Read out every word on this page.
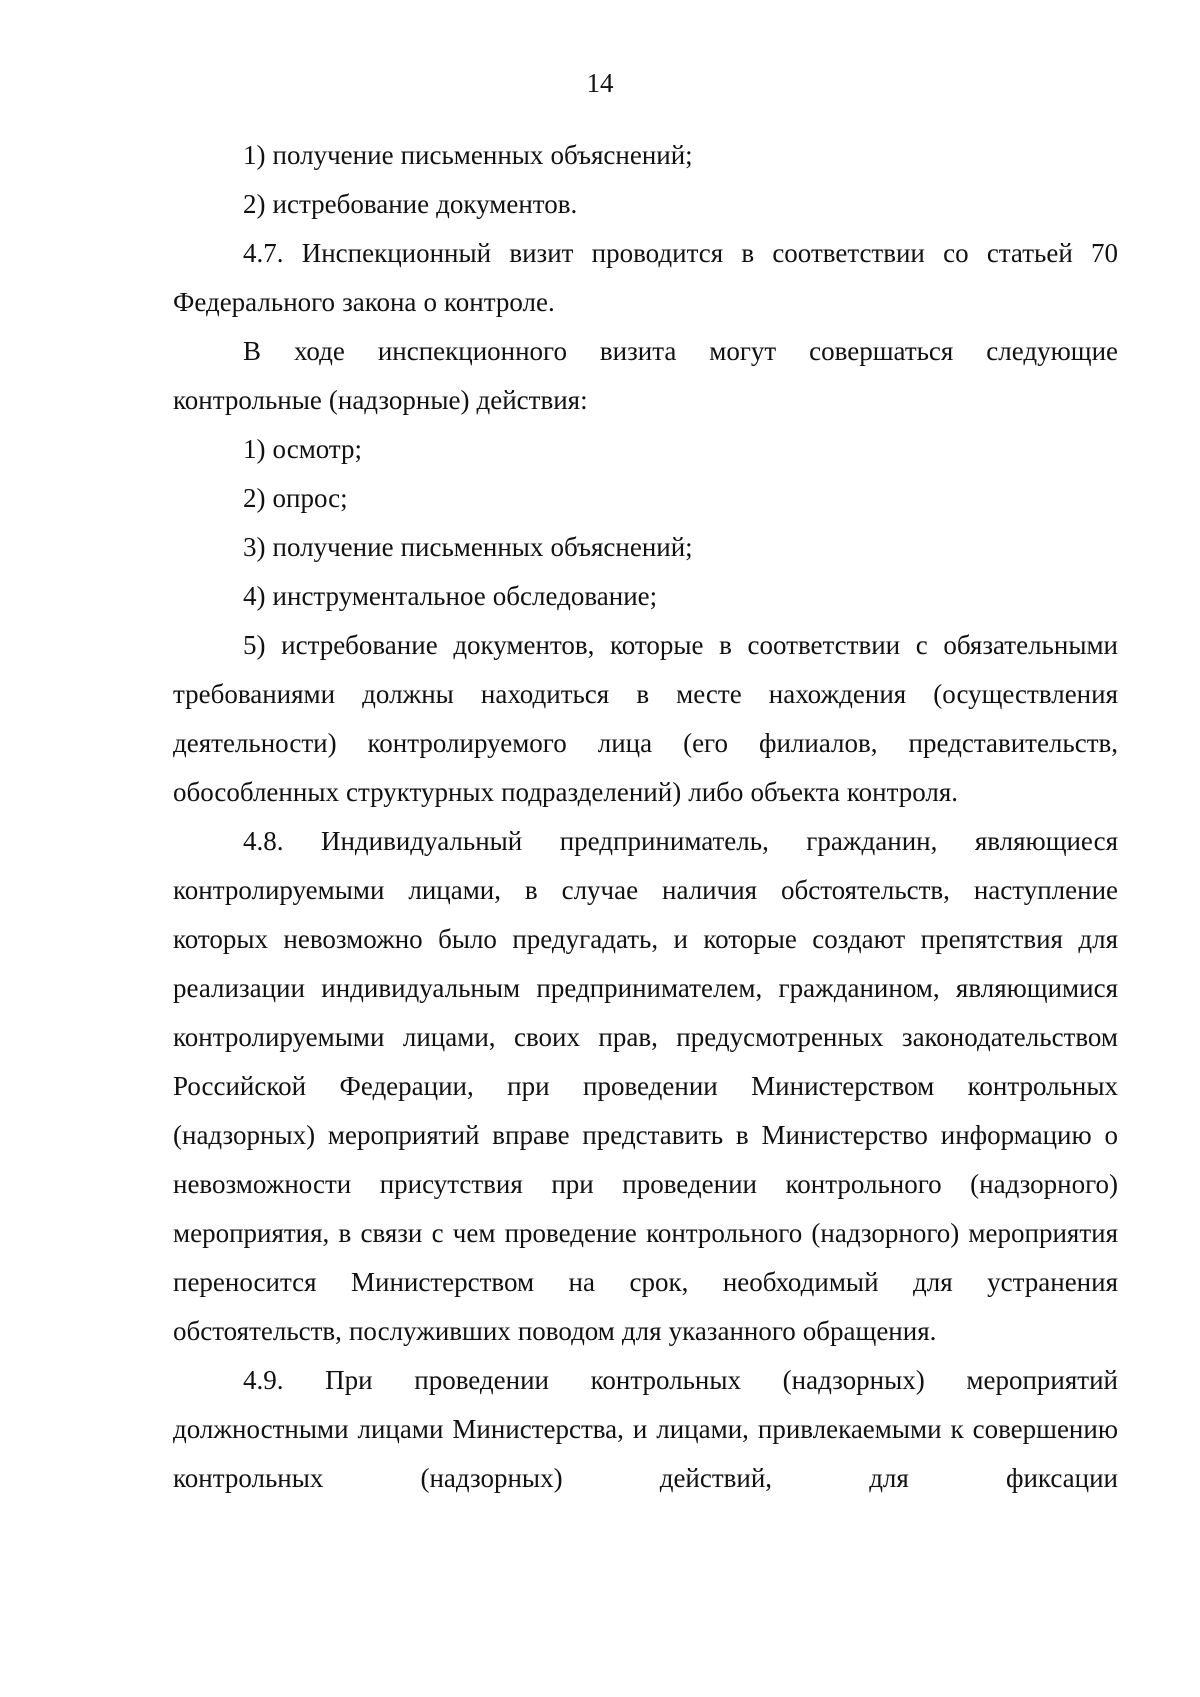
14

1) получение письменных объяснений;

2) истребование документов.

4.7. Инспекционный визит проводится в соответствии со статьей 70 Федерального закона о контроле.

В ходе инспекционного визита могут совершаться следующие контрольные (надзорные) действия:

1) осмотр;

2) опрос;

3) получение письменных объяснений;

4) инструментальное обследование;

5) истребование документов, которые в соответствии с обязательными требованиями должны находиться в месте нахождения (осуществления деятельности) контролируемого лица (его филиалов, представительств, обособленных структурных подразделений) либо объекта контроля.

4.8. Индивидуальный предприниматель, гражданин, являющиеся контролируемыми лицами, в случае наличия обстоятельств, наступление которых невозможно было предугадать, и которые создают препятствия для реализации индивидуальным предпринимателем, гражданином, являющимися контролируемыми лицами, своих прав, предусмотренных законодательством Российской Федерации, при проведении Министерством контрольных (надзорных) мероприятий вправе представить в Министерство информацию о невозможности присутствия при проведении контрольного (надзорного) мероприятия, в связи с чем проведение контрольного (надзорного) мероприятия переносится Министерством на срок, необходимый для устранения обстоятельств, послуживших поводом для указанного обращения.

4.9. При проведении контрольных (надзорных) мероприятий должностными лицами Министерства, и лицами, привлекаемыми к совершению контрольных (надзорных) действий, для фиксации
